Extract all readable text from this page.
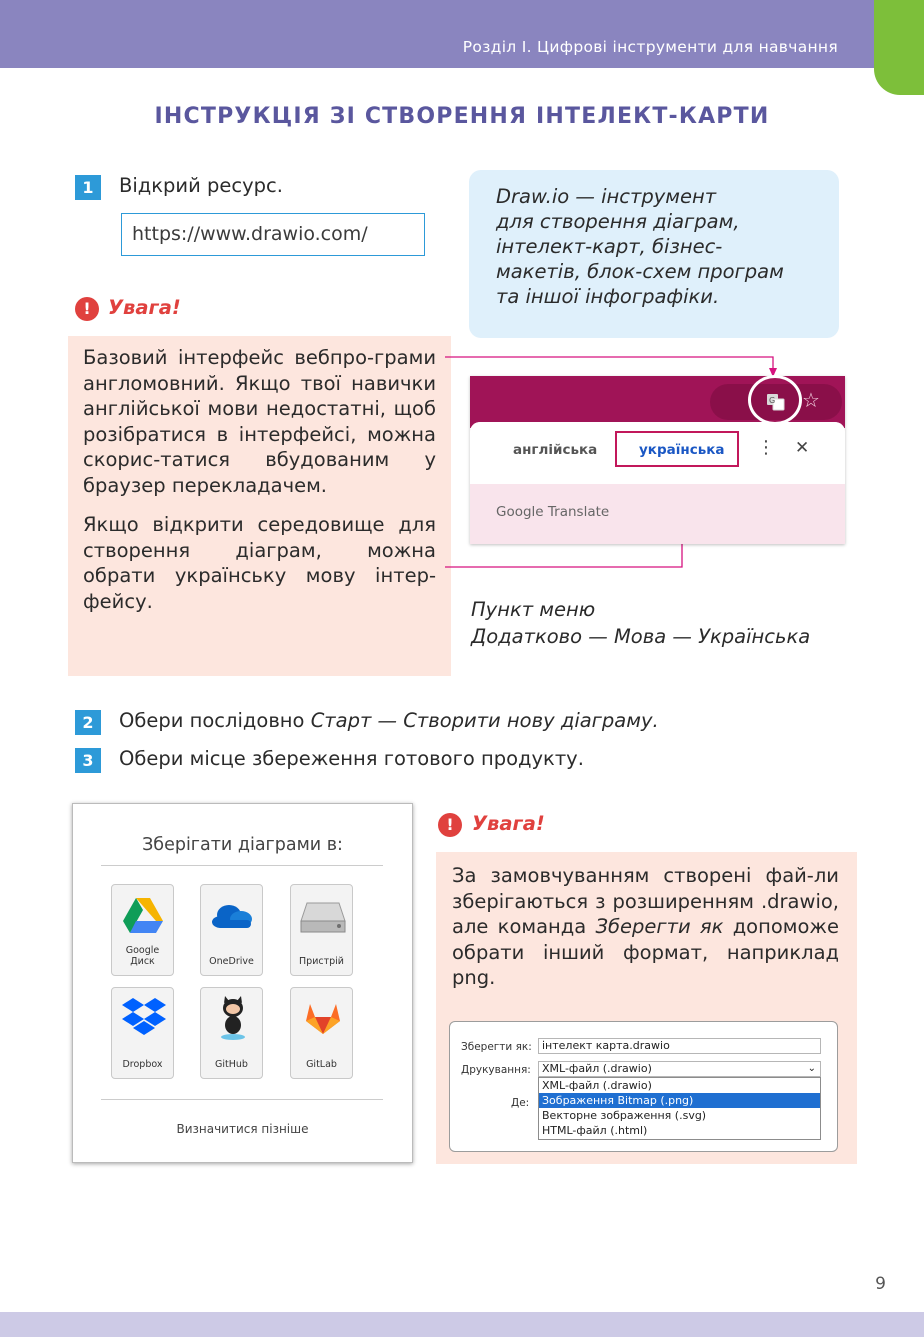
Розділ І. Цифрові інструменти для навчання
ІНСТРУКЦІЯ ЗІ СТВОРЕННЯ ІНТЕЛЕКТ-КАРТИ
1	Відкрий ресурс.
https://www.drawio.com/
Draw.io — інструмент
для створення діаграм,
інтелект-карт, бізнес-
макетів, блок-схем програм
та іншої інфографіки.
! Увага!
Базовий інтерфейс вебпро-грами англомовний. Якщо твої навички англійської мови недостатні, щоб розібратися в інтерфейсі, можна скорис-татися вбудованим у браузер перекладачем.
Якщо відкрити середовище для створення діаграм, можна обрати українську мову інтер-фейсу.
G ☆
англійська	українська ⋮ ✕
Google Translate
Пункт меню
Додатково — Мова — Українська
2	Обери послідовно Старт — Створити нову діаграму.
3	Обери місце збереження готового продукту.
Зберігати діаграми в:
Google Диск	OneDrive	Пристрій
Dropbox	GitHub	GitLab
Визначитися пізніше
! Увага!
За замовчуванням створені фай-ли зберігаються з розширенням .drawio, але команда Зберегти як допоможе обрати інший формат, наприклад png.
Зберегти як: інтелект карта.drawio
Друкування:	XML-файл (.drawio)	⌄
Де:
XML-файл (.drawio)
Зображення Bitmap (.png)
Векторне зображення (.svg)
HTML-файл (.html)
9
